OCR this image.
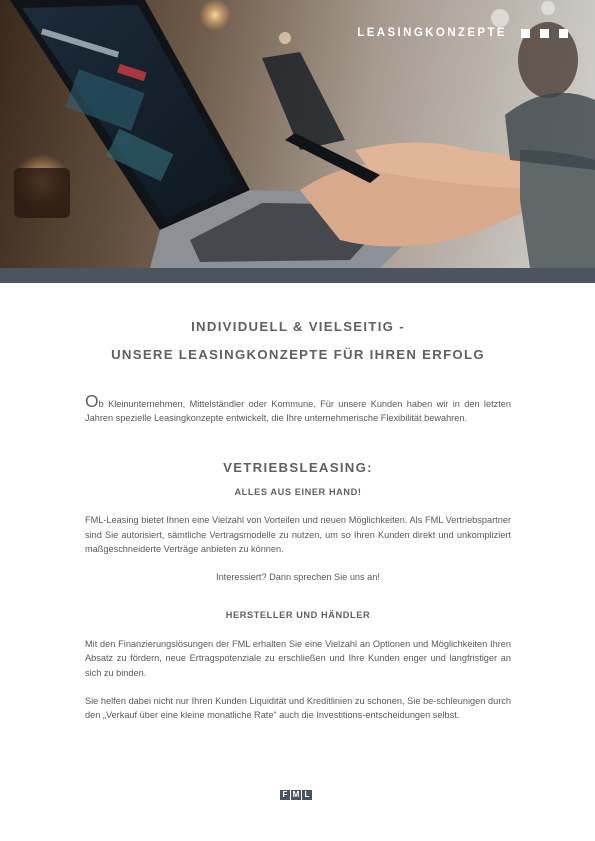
LEASINGKONZEPTE
INDIVIDUELL & VIELSEITIG -
UNSERE LEASINGKONZEPTE FÜR IHREN ERFOLG

Ob Kleinunternehmen, Mittelständler oder Kommune. Für unsere Kunden haben wir in den letzten Jahren spezielle Leasingkonzepte entwickelt, die Ihre unternehmerische Flexibilität bewahren.

VETRIEBSLEASING:
ALLES AUS EINER HAND!

FML-Leasing bietet Ihnen eine Vielzahl von Vorteilen und neuen Möglichkeiten. Als FML Vertriebspartner sind Sie autorisiert, sämtliche Vertragsmodelle zu nutzen, um so Ihren Kunden direkt und unkompliziert maßgeschneiderte Verträge anbieten zu können.

Interessiert? Dann sprechen Sie uns an!

HERSTELLER UND HÄNDLER

Mit den Finanzierungslösungen der FML erhalten Sie eine Vielzahl an Optionen und Möglichkeiten Ihren Absatz zu fördern, neue Ertragspotenziale zu erschließen und Ihre Kunden enger und langfristiger an sich zu binden.

Sie helfen dabei nicht nur Ihren Kunden Liquidität und Kreditlinien zu schonen, Sie be-schleunigen durch den „Verkauf über eine kleine monatliche Rate“ auch die Investitions-entscheidungen selbst.

F M L
